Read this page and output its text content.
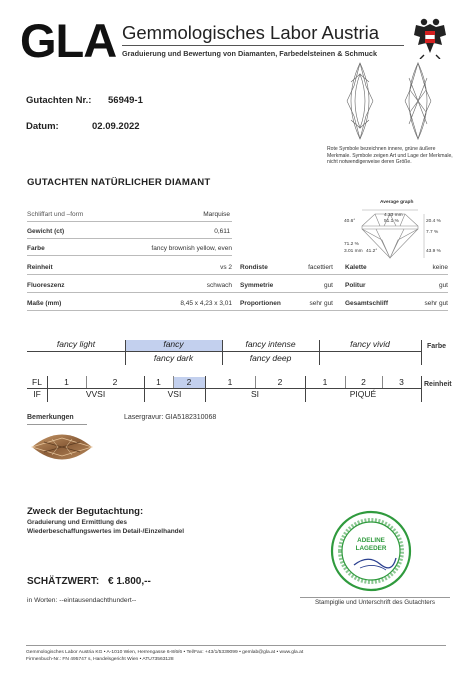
GLA Gemmologisches Labor Austria
Graduierung und Bewertung von Diamanten, Farbedelsteinen & Schmuck
Gutachten Nr.: 56949-1
Datum:	02.09.2022
Rote Symbole bezeichnen innere, grüne äußere Merkmale. Symbole zeigen Art und Lage der Merkmale, nicht notwendigerweise deren Größe.
GUTACHTEN NATÜRLICHER DIAMANT
Schliffart und –form	Marquise
Gewicht (ct)	0,611
Farbe	fancy brownish yellow, even
Reinheit	vs 2 Rondiste	facettiert Kalette	keine
Fluoreszenz	schwach Symmetrie	gut Politur	gut
Maße (mm)	8,45 x 4,23 x 3,01 Proportionen	sehr gut Gesamtschliff	sehr gut
Average graph
4.23 mm
51.1 %
40.6°	20.4 %
7.7 %
71.2 %
3.01 mm 41.2°	43.9 %
fancy light	fancy	fancy intense	fancy vivid
fancy dark	fancy deep
Farbe
FL	1	2	1	2	1	2	1	2	3
IF	VVSI	VSI	SI	PIQUÉ
Reinheit
Bemerkungen	Lasergravur: GIA5182310068
Zweck der Begutachtung:
Graduierung und Ermittlung des
Wiederbeschaffungswertes im Detail-/Einzelhandel
SCHÄTZWERT: € 1.800,--
in Worten: --eintausendachthundert--
ADELINE
LAGEDER
Stampiglie und Unterschrift des Gutachters
Gemmologisches Labor Austria KG • A-1010 Wien, Herrengasse 6-8/6/6 • Tel/Fax: +43/1/5339099 • gemlab@gla.at • www.gla.at
Firmenbuch-Nr.: FN 495747 s, Handelsgericht Wien • ATU73563128
